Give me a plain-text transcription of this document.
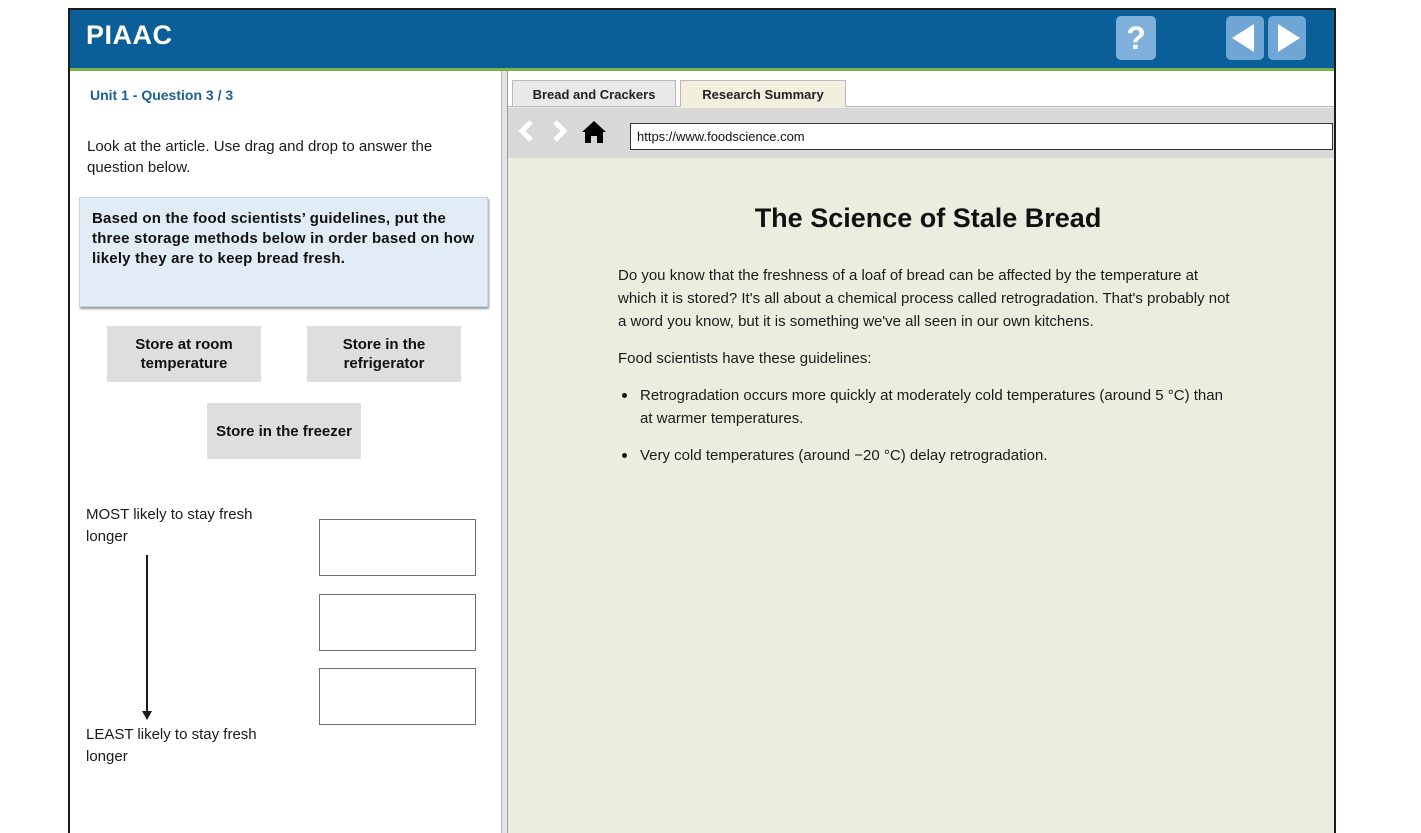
PIAAC	?
Unit 1 - Question 3 / 3
Look at the article. Use drag and drop to answer the question below.
Based on the food scientists’ guidelines, put the three storage methods below in order based on how likely they are to keep bread fresh.
Store at room temperature
Store in the refrigerator
Store in the freezer
MOST likely to stay fresh longer
LEAST likely to stay fresh longer
Bread and Crackers	Research Summary
https://www.foodscience.com
The Science of Stale Bread

Do you know that the freshness of a loaf of bread can be affected by the temperature at which it is stored? It's all about a chemical process called retrogradation. That's probably not a word you know, but it is something we've all seen in our own kitchens.

Food scientists have these guidelines:

Retrogradation occurs more quickly at moderately cold temperatures (around 5 °C) than at warmer temperatures.
Very cold temperatures (around −20 °C) delay retrogradation.
